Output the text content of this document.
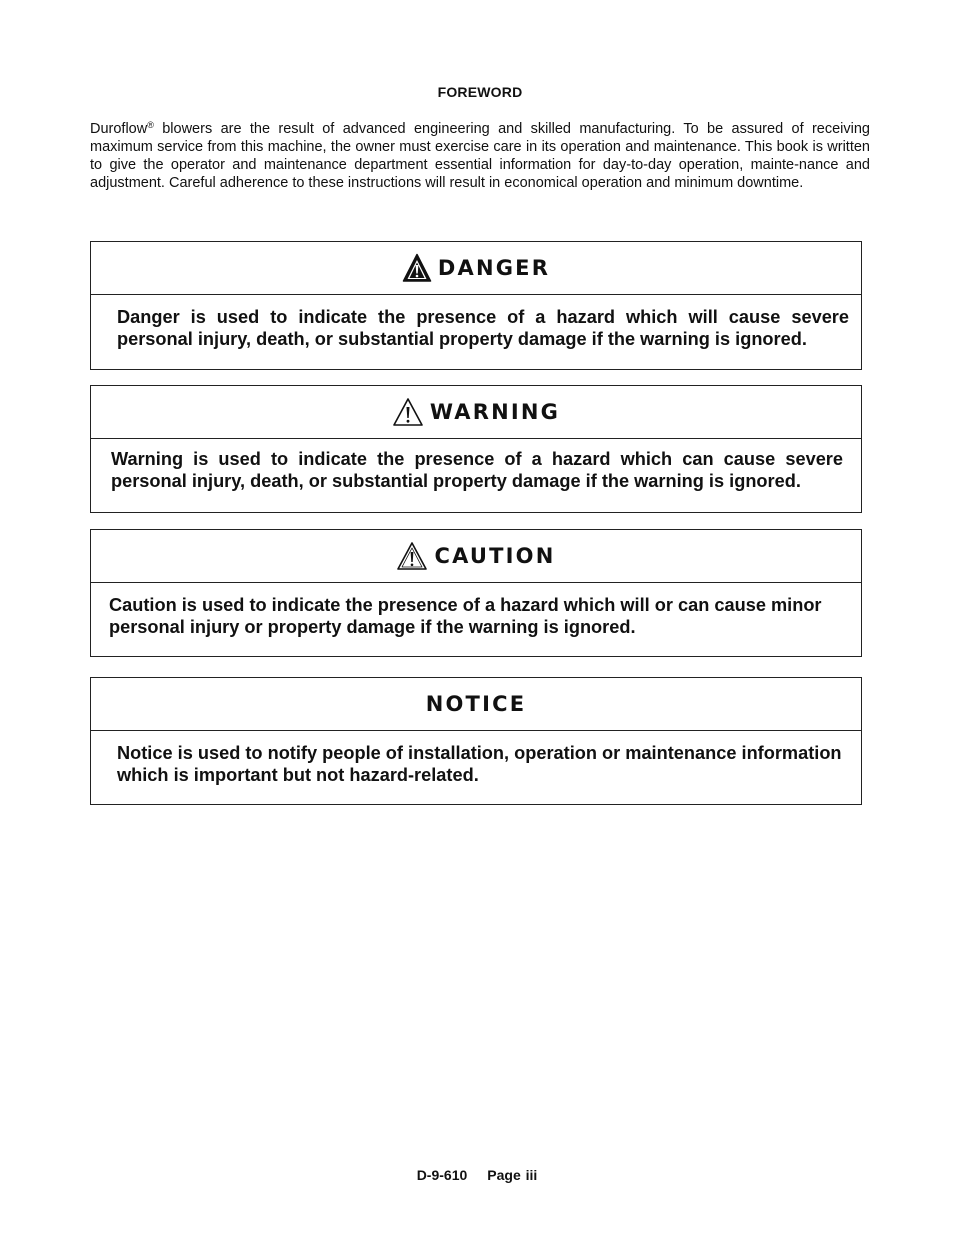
FOREWORD
Duroflow® blowers are the result of advanced engineering and skilled manufacturing. To be assured of receiving maximum service from this machine, the owner must exercise care in its operation and maintenance. This book is written to give the operator and maintenance department essential information for day-to-day operation, mainte-nance and adjustment. Careful adherence to these instructions will result in economical operation and minimum downtime.
DANGER

Danger is used to indicate the presence of a hazard which will cause severe personal injury, death, or substantial property damage if the warning is ignored.

WARNING

Warning is used to indicate the presence of a hazard which can cause severe personal injury, death, or substantial property damage if the warning is ignored.

CAUTION

Caution is used to indicate the presence of a hazard which will or can cause minor personal injury or property damage if the warning is ignored.

NOTICE

Notice is used to notify people of installation, operation or maintenance information which is important but not hazard-related.

D-9-610 Page iii
